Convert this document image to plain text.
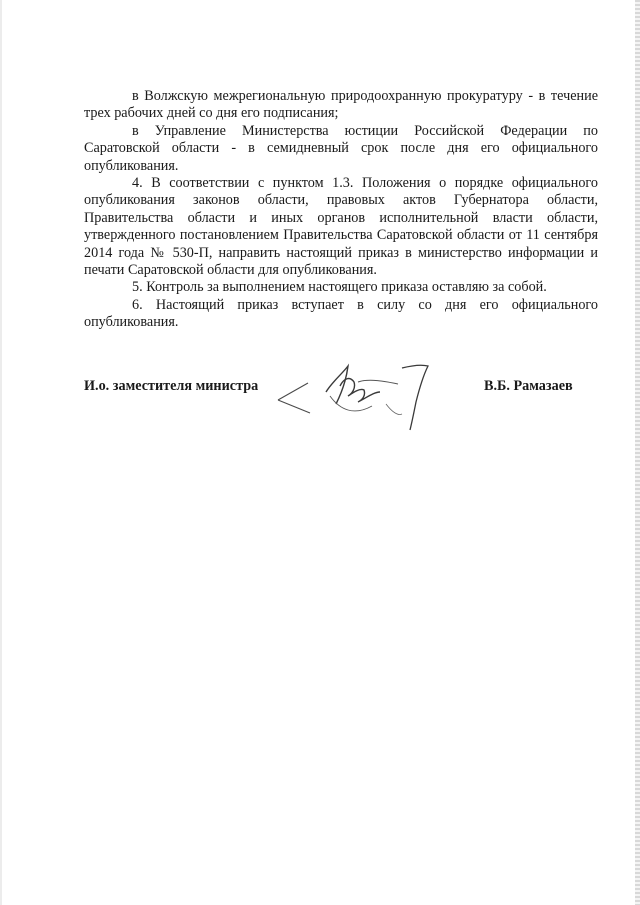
в Волжскую межрегиональную природоохранную прокуратуру - в течение трех рабочих дней со дня его подписания;

в Управление Министерства юстиции Российской Федерации по Саратовской области - в семидневный срок после дня его официального опубликования.

4. В соответствии с пунктом 1.3. Положения о порядке официального опубликования законов области, правовых актов Губернатора области, Правительства области и иных органов исполнительной власти области, утвержденного постановлением Правительства Саратовской области от 11 сентября 2014 года № 530-П, направить настоящий приказ в министерство информации и печати Саратовской области для опубликования.

5. Контроль за выполнением настоящего приказа оставляю за собой.

6. Настоящий приказ вступает в силу со дня его официального опубликования.

И.о. заместителя министра	В.Б. Рамазаев
